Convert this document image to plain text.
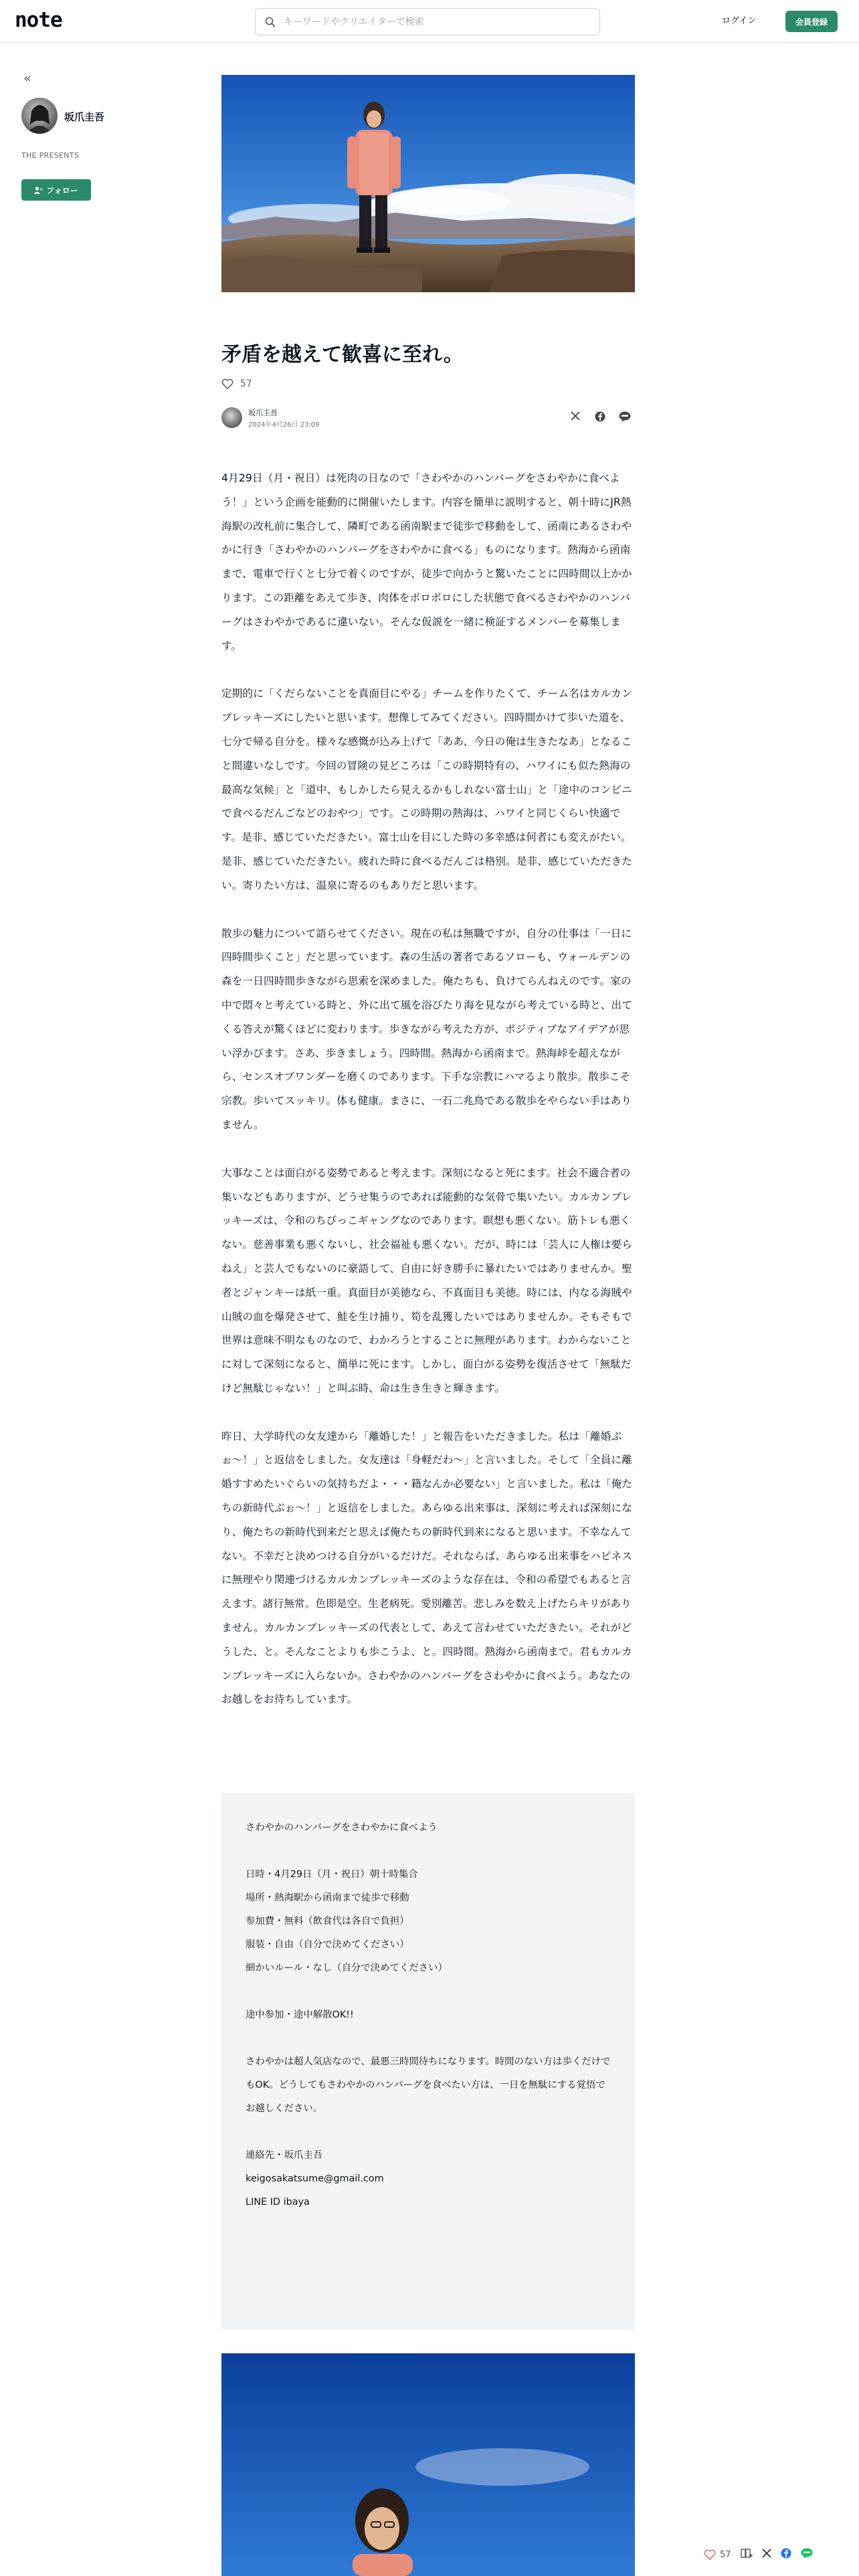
note
キーワードやクリエイターで検索	ログイン	会員登録
«
坂爪圭吾
THE PRESENTS
フォロー
矛盾を越えて歓喜に至れ。
57
坂爪圭吾
2024年4月26日 23:09

4月29日（月・祝日）は死肉の日なので「さわやかのハンバーグをさわやかに食べよう！」という企画を能動的に開催いたします。内容を簡単に説明すると、朝十時にJR熱海駅の改札前に集合して、隣町である函南駅まで徒歩で移動をして、函南にあるさわやかに行き「さわやかのハンバーグをさわやかに食べる」ものになります。熱海から函南まで、電車で行くと七分で着くのですが、徒歩で向かうと驚いたことに四時間以上かかります。この距離をあえて歩き、肉体をボロボロにした状態で食べるさわやかのハンバーグはさわやかであるに違いない。そんな仮説を一緒に検証するメンバーを募集します。

定期的に「くだらないことを真面目にやる」チームを作りたくて、チーム名はカルカンブレッキーズにしたいと思います。想像してみてください。四時間かけて歩いた道を、七分で帰る自分を。様々な感慨が込み上げて「ああ、今日の俺は生きたなあ」となること間違いなしです。今回の冒険の見どころは「この時期特有の、ハワイにも似た熱海の最高な気候」と「道中、もしかしたら見えるかもしれない富士山」と「途中のコンビニで食べるだんごなどのおやつ」です。この時期の熱海は、ハワイと同じくらい快適です。是非、感じていただきたい。富士山を目にした時の多幸感は何者にも変えがたい。是非、感じていただきたい。疲れた時に食べるだんごは格別。是非、感じていただきたい。寄りたい方は、温泉に寄るのもありだと思います。

散歩の魅力について語らせてください。現在の私は無職ですが、自分の仕事は「一日に四時間歩くこと」だと思っています。森の生活の著者であるソローも、ウォールデンの森を一日四時間歩きながら思索を深めました。俺たちも、負けてらんねえのです。家の中で悶々と考えている時と、外に出て風を浴びたり海を見ながら考えている時と、出てくる答えが驚くほどに変わります。歩きながら考えた方が、ポジティブなアイデアが思い浮かびます。さあ、歩きましょう。四時間。熱海から函南まで。熱海峠を超えながら、センスオブワンダーを磨くのであります。下手な宗教にハマるより散歩。散歩こそ宗教。歩いてスッキリ。体も健康。まさに、一石二兆鳥である散歩をやらない手はありません。

大事なことは面白がる姿勢であると考えます。深刻になると死にます。社会不適合者の集いなどもありますが、どうせ集うのであれば能動的な気骨で集いたい。カルカンブレッキーズは、令和のちびっこギャングなのであります。瞑想も悪くない。筋トレも悪くない。慈善事業も悪くないし、社会福祉も悪くない。だが、時には「芸人に人権は要らねえ」と芸人でもないのに豪語して、自由に好き勝手に暴れたいではありませんか。聖者とジャンキーは紙一重。真面目が美徳なら、不真面目も美徳。時には、内なる海賊や山賊の血を爆発させて、鮭を生け捕り、筍を乱獲したいではありませんか。そもそもで世界は意味不明なものなので、わかろうとすることに無理があります。わからないことに対して深刻になると、簡単に死にます。しかし、面白がる姿勢を復活させて「無駄だけど無駄じゃない！」と叫ぶ時、命は生き生きと輝きます。

昨日、大学時代の女友達から「離婚した！」と報告をいただきました。私は「離婚ぷぉ〜！」と返信をしました。女友達は「身軽だわ〜」と言いました。そして「全員に離婚すすめたいぐらいの気持ちだよ・・・籍なんか必要ない」と言いました。私は「俺たちの新時代ぷぉ〜！」と返信をしました。あらゆる出来事は、深刻に考えれば深刻になり、俺たちの新時代到来だと思えば俺たちの新時代到来になると思います。不幸なんてない。不幸だと決めつける自分がいるだけだ。それならば、あらゆる出来事をハピネスに無理やり関連づけるカルカンブレッキーズのような存在は、令和の希望でもあると言えます。諸行無常。色即是空。生老病死。愛別離苦。悲しみを数え上げたらキリがありません。カルカンブレッキーズの代表として、あえて言わせていただきたい。それがどうした、と。そんなことよりも歩こうよ、と。四時間。熱海から函南まで。君もカルカンブレッキーズに入らないか。さわやかのハンバーグをさわやかに食べよう。あなたのお越しをお待ちしています。

さわやかのハンバーグをさわやかに食べよう
日時・4月29日（月・祝日）朝十時集合
場所・熱海駅から函南まで徒歩で移動
参加費・無料（飲食代は各自で負担）
服装・自由（自分で決めてください）
細かいルール・なし（自分で決めてください）
途中参加・途中解散OK!!
さわやかは超人気店なので、最悪三時間待ちになります。時間のない方は歩くだけでもOK。どうしてもさわやかのハンバーグを食べたい方は、一日を無駄にする覚悟でお越しください。
連絡先・坂爪圭吾
keigosakatsume@gmail.com
LINE ID ibaya
57
